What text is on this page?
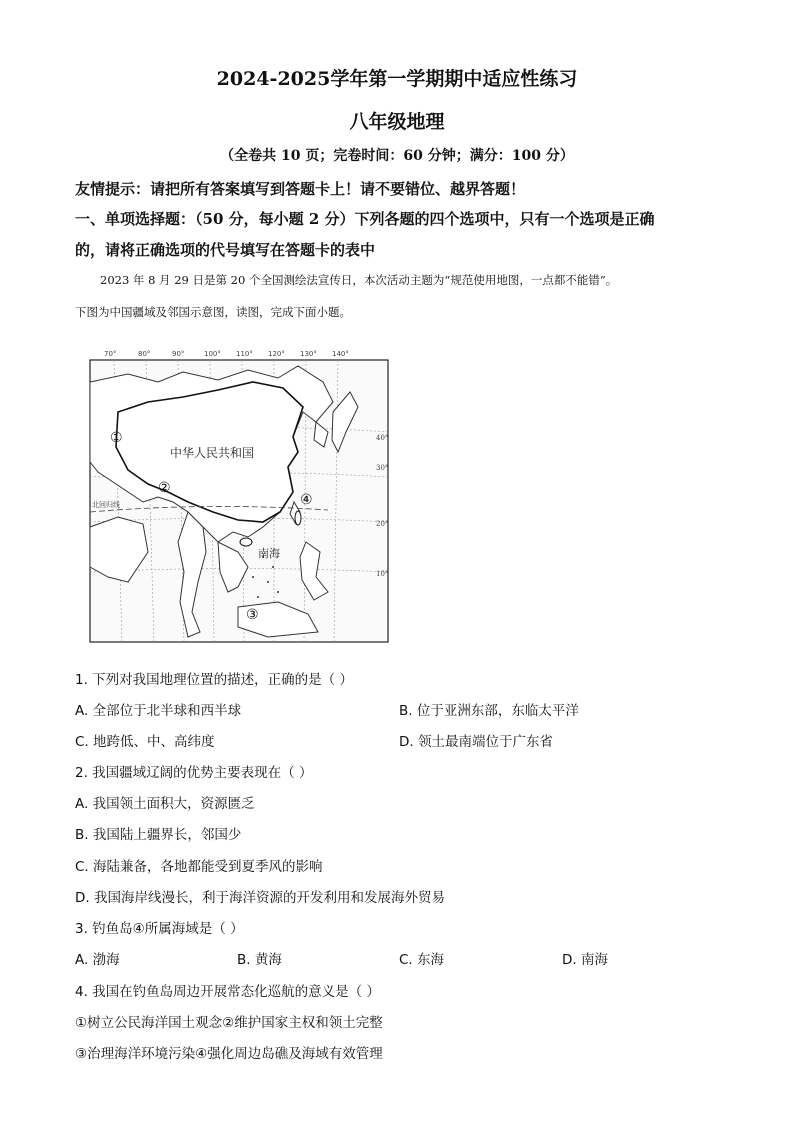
2024-2025学年第一学期期中适应性练习
八年级地理
（全卷共 10 页；完卷时间：60 分钟；满分：100 分）
友情提示：请把所有答案填写到答题卡上！请不要错位、越界答题！
一、单项选择题：（50 分，每小题 2 分）下列各题的四个选项中，只有一个选项是正确
的，请将正确选项的代号填写在答题卡的表中
2023 年 8 月 29 日是第 20 个全国测绘法宣传日，本次活动主题为“规范使用地图，一点都不能错”。
下图为中国疆域及邻国示意图，读图，完成下面小题。
70°	80°	90°	100° 110° 120° 130° 140°
中华人民共和国
南海
北回归线
①
②
③
④
40°
30°
20°
10°
1. 下列对我国地理位置的描述，正确的是（ ）
A. 全部位于北半球和西半球	B. 位于亚洲东部，东临太平洋
C. 地跨低、中、高纬度	D. 领土最南端位于广东省
2. 我国疆域辽阔的优势主要表现在（ ）
A. 我国领土面积大，资源匮乏
B. 我国陆上疆界长，邻国少
C. 海陆兼备，各地都能受到夏季风的影响
D. 我国海岸线漫长，利于海洋资源的开发利用和发展海外贸易
3. 钓鱼岛④所属海域是（ ）
A. 渤海	B. 黄海	C. 东海	D. 南海
4. 我国在钓鱼岛周边开展常态化巡航的意义是（ ）
①树立公民海洋国土观念②维护国家主权和领土完整
③治理海洋环境污染④强化周边岛礁及海域有效管理
